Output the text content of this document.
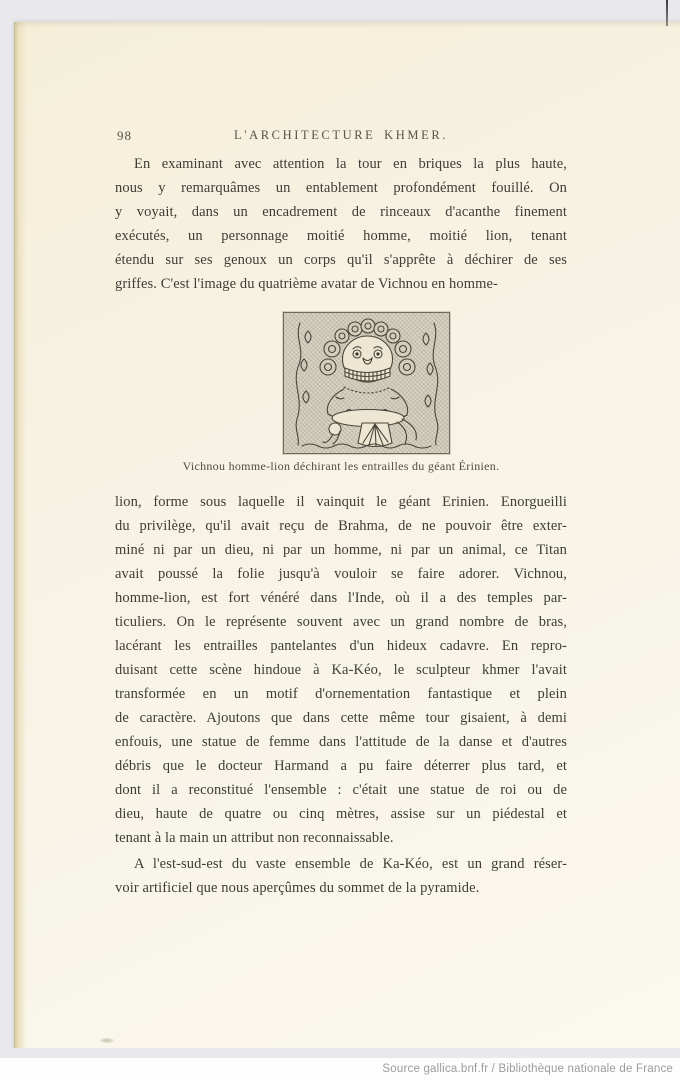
98	L'ARCHITECTURE KHMER.
En examinant avec attention la tour en briques la plus haute,
nous y remarquâmes un entablement profondément fouillé. On
y voyait, dans un encadrement de rinceaux d'acanthe finement
exécutés, un personnage moitié homme, moitié lion, tenant
étendu sur ses genoux un corps qu'il s'apprête à déchirer de ses
griffes. C'est l'image du quatrième avatar de Vichnou en homme-
Vichnou homme-lion déchirant les entrailles du géant Érinien.
lion, forme sous laquelle il vainquit le géant Erinien. Enorgueilli
du privilège, qu'il avait reçu de Brahma, de ne pouvoir être exter-
miné ni par un dieu, ni par un homme, ni par un animal, ce Titan
avait poussé la folie jusqu'à vouloir se faire adorer. Vichnou,
homme-lion, est fort vénéré dans l'Inde, où il a des temples par-
ticuliers. On le représente souvent avec un grand nombre de bras,
lacérant les entrailles pantelantes d'un hideux cadavre. En repro-
duisant cette scène hindoue à Ka-Kéo, le sculpteur khmer l'avait
transformée en un motif d'ornementation fantastique et plein
de caractère. Ajoutons que dans cette même tour gisaient, à demi
enfouis, une statue de femme dans l'attitude de la danse et d'autres
débris que le docteur Harmand a pu faire déterrer plus tard, et
dont il a reconstitué l'ensemble : c'était une statue de roi ou de
dieu, haute de quatre ou cinq mètres, assise sur un piédestal et
tenant à la main un attribut non reconnaissable.
A l'est-sud-est du vaste ensemble de Ka-Kéo, est un grand réser-
voir artificiel que nous aperçûmes du sommet de la pyramide.
Source gallica.bnf.fr / Bibliothèque nationale de France
